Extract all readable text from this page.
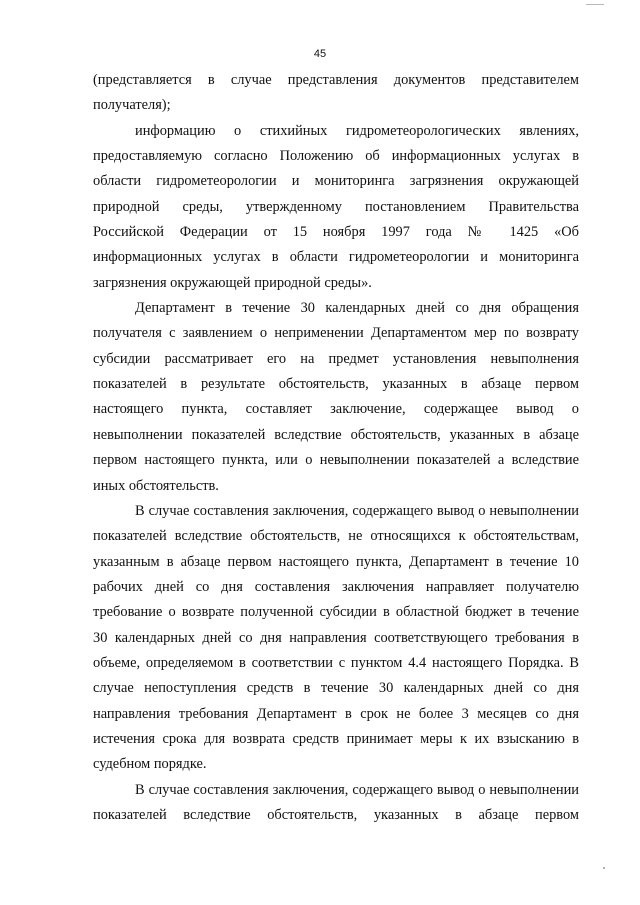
45
(представляется в случае представления документов представителем
получателя);
информацию о стихийных гидрометеорологических явлениях,
предоставляемую согласно Положению об информационных услугах в
области гидрометеорологии и мониторинга загрязнения окружающей
природной среды, утвержденному постановлением Правительства
Российской Федерации от 15 ноября 1997 года № 1425 «Об
информационных услугах в области гидрометеорологии и мониторинга
загрязнения окружающей природной среды».
Департамент в течение 30 календарных дней со дня обращения
получателя с заявлением о неприменении Департаментом мер по возврату
субсидии рассматривает его на предмет установления невыполнения
показателей в результате обстоятельств, указанных в абзаце первом
настоящего пункта, составляет заключение, содержащее вывод о
невыполнении показателей вследствие обстоятельств, указанных в абзаце
первом настоящего пункта, или о невыполнении показателей а вследствие
иных обстоятельств.
В случае составления заключения, содержащего вывод о невыполнении
показателей вследствие обстоятельств, не относящихся к обстоятельствам,
указанным в абзаце первом настоящего пункта, Департамент в течение 10
рабочих дней со дня составления заключения направляет получателю
требование о возврате полученной субсидии в областной бюджет в течение
30 календарных дней со дня направления соответствующего требования в
объеме, определяемом в соответствии с пунктом 4.4 настоящего Порядка. В
случае непоступления средств в течение 30 календарных дней со дня
направления требования Департамент в срок не более 3 месяцев со дня
истечения срока для возврата средств принимает меры к их взысканию в
судебном порядке.
В случае составления заключения, содержащего вывод о невыполнении
показателей вследствие обстоятельств, указанных в абзаце первом
